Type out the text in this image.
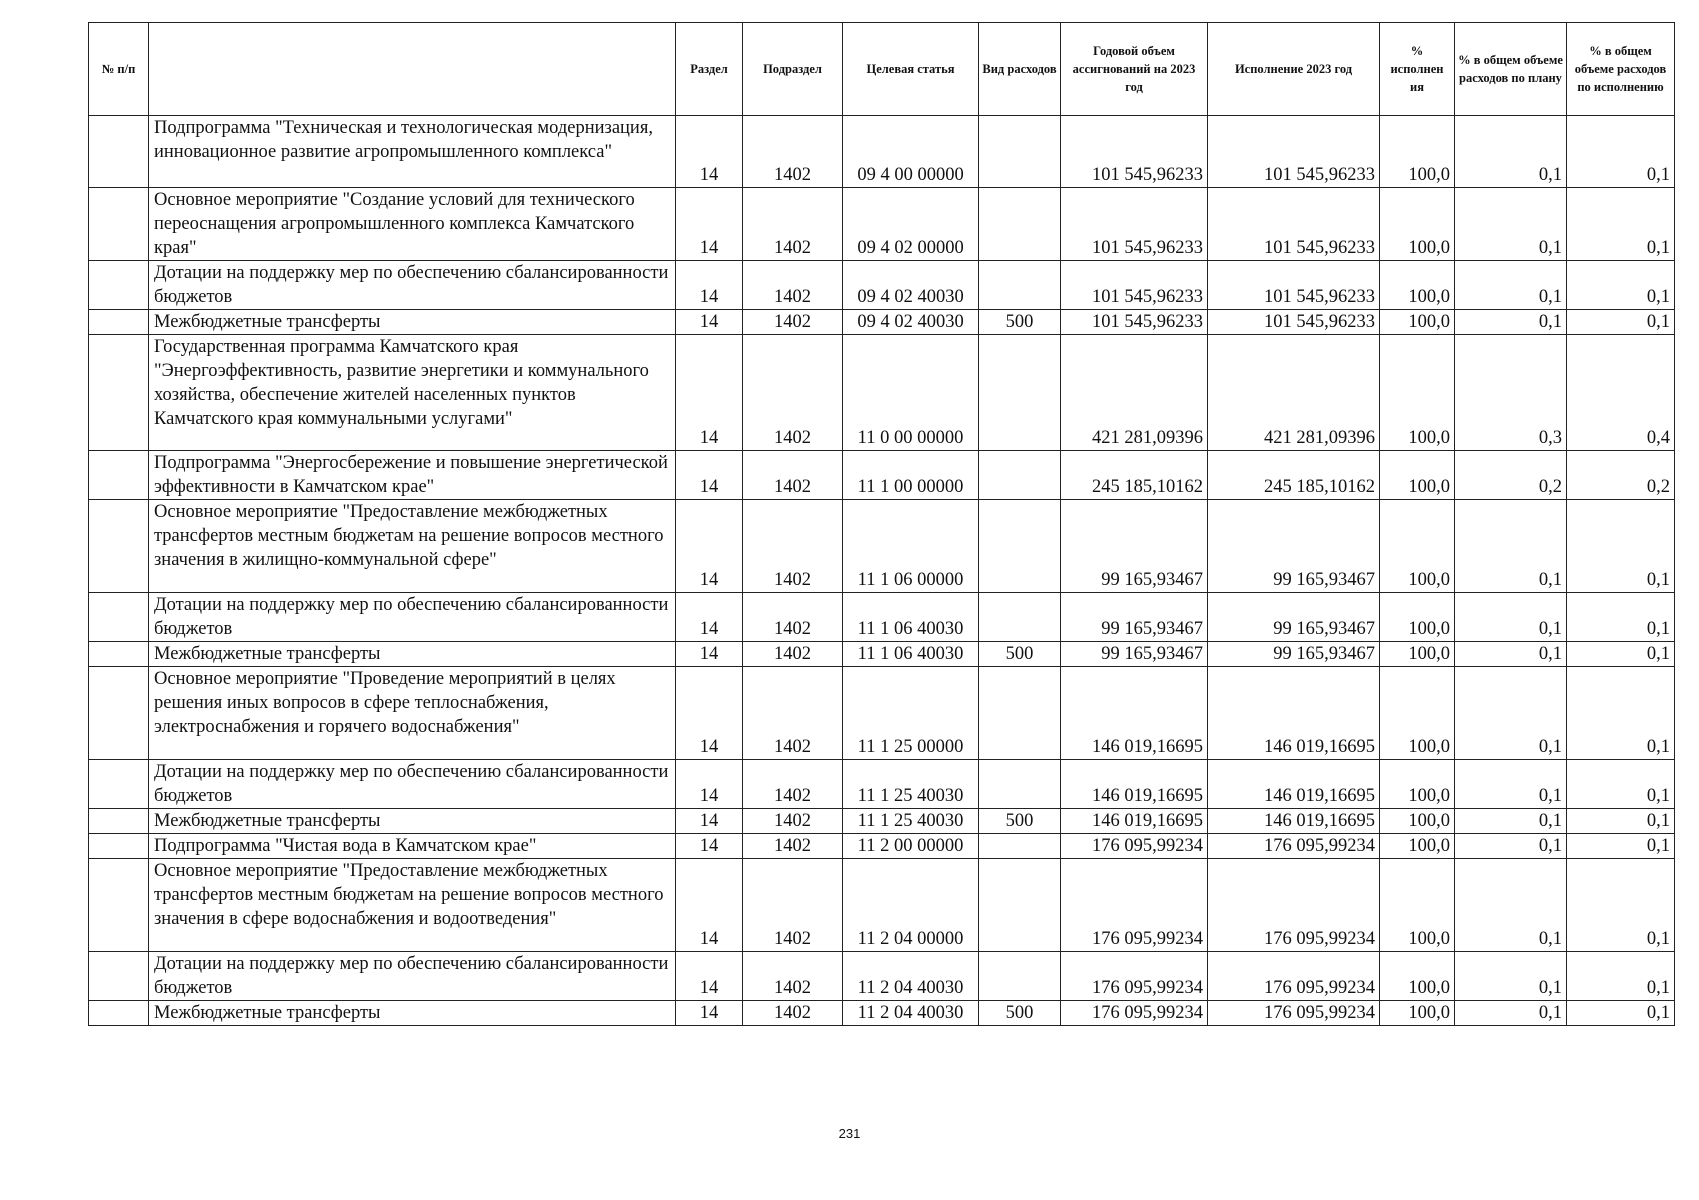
№ п/п		Раздел	Подраздел	Целевая статья	Вид расходов	Годовой объем ассигнований на 2023 год	Исполнение 2023 год	% исполнен ия	% в общем объеме расходов по плану	% в общем объеме расходов по исполнению
	Подпрограмма "Техническая и технологическая модернизация, инновационное развитие агропромышленного комплекса"	14	1402	09 4 00 00000		101 545,96233	101 545,96233	100,0	0,1	0,1
	Основное мероприятие "Создание условий для технического переоснащения агропромышленного комплекса Камчатского края"	14	1402	09 4 02 00000		101 545,96233	101 545,96233	100,0	0,1	0,1
	Дотации на поддержку мер по обеспечению сбалансированности бюджетов	14	1402	09 4 02 40030		101 545,96233	101 545,96233	100,0	0,1	0,1
	Межбюджетные трансферты	14	1402	09 4 02 40030	500	101 545,96233	101 545,96233	100,0	0,1	0,1
	Государственная программа Камчатского края "Энергоэффективность, развитие энергетики и коммунального хозяйства, обеспечение жителей населенных пунктов Камчатского края коммунальными услугами"	14	1402	11 0 00 00000		421 281,09396	421 281,09396	100,0	0,3	0,4
	Подпрограмма "Энергосбережение и повышение энергетической эффективности в Камчатском крае"	14	1402	11 1 00 00000		245 185,10162	245 185,10162	100,0	0,2	0,2
	Основное мероприятие "Предоставление межбюджетных трансфертов местным бюджетам на решение вопросов местного значения в жилищно-коммунальной сфере"	14	1402	11 1 06 00000		99 165,93467	99 165,93467	100,0	0,1	0,1
	Дотации на поддержку мер по обеспечению сбалансированности бюджетов	14	1402	11 1 06 40030		99 165,93467	99 165,93467	100,0	0,1	0,1
	Межбюджетные трансферты	14	1402	11 1 06 40030	500	99 165,93467	99 165,93467	100,0	0,1	0,1
	Основное мероприятие "Проведение мероприятий в целях решения иных вопросов в сфере теплоснабжения, электроснабжения и горячего водоснабжения"	14	1402	11 1 25 00000		146 019,16695	146 019,16695	100,0	0,1	0,1
	Дотации на поддержку мер по обеспечению сбалансированности бюджетов	14	1402	11 1 25 40030		146 019,16695	146 019,16695	100,0	0,1	0,1
	Межбюджетные трансферты	14	1402	11 1 25 40030	500	146 019,16695	146 019,16695	100,0	0,1	0,1
	Подпрограмма "Чистая вода в Камчатском крае"	14	1402	11 2 00 00000		176 095,99234	176 095,99234	100,0	0,1	0,1
	Основное мероприятие "Предоставление межбюджетных трансфертов местным бюджетам на решение вопросов местного значения в сфере водоснабжения и водоотведения"	14	1402	11 2 04 00000		176 095,99234	176 095,99234	100,0	0,1	0,1
	Дотации на поддержку мер по обеспечению сбалансированности бюджетов	14	1402	11 2 04 40030		176 095,99234	176 095,99234	100,0	0,1	0,1
	Межбюджетные трансферты	14	1402	11 2 04 40030	500	176 095,99234	176 095,99234	100,0	0,1	0,1
231
